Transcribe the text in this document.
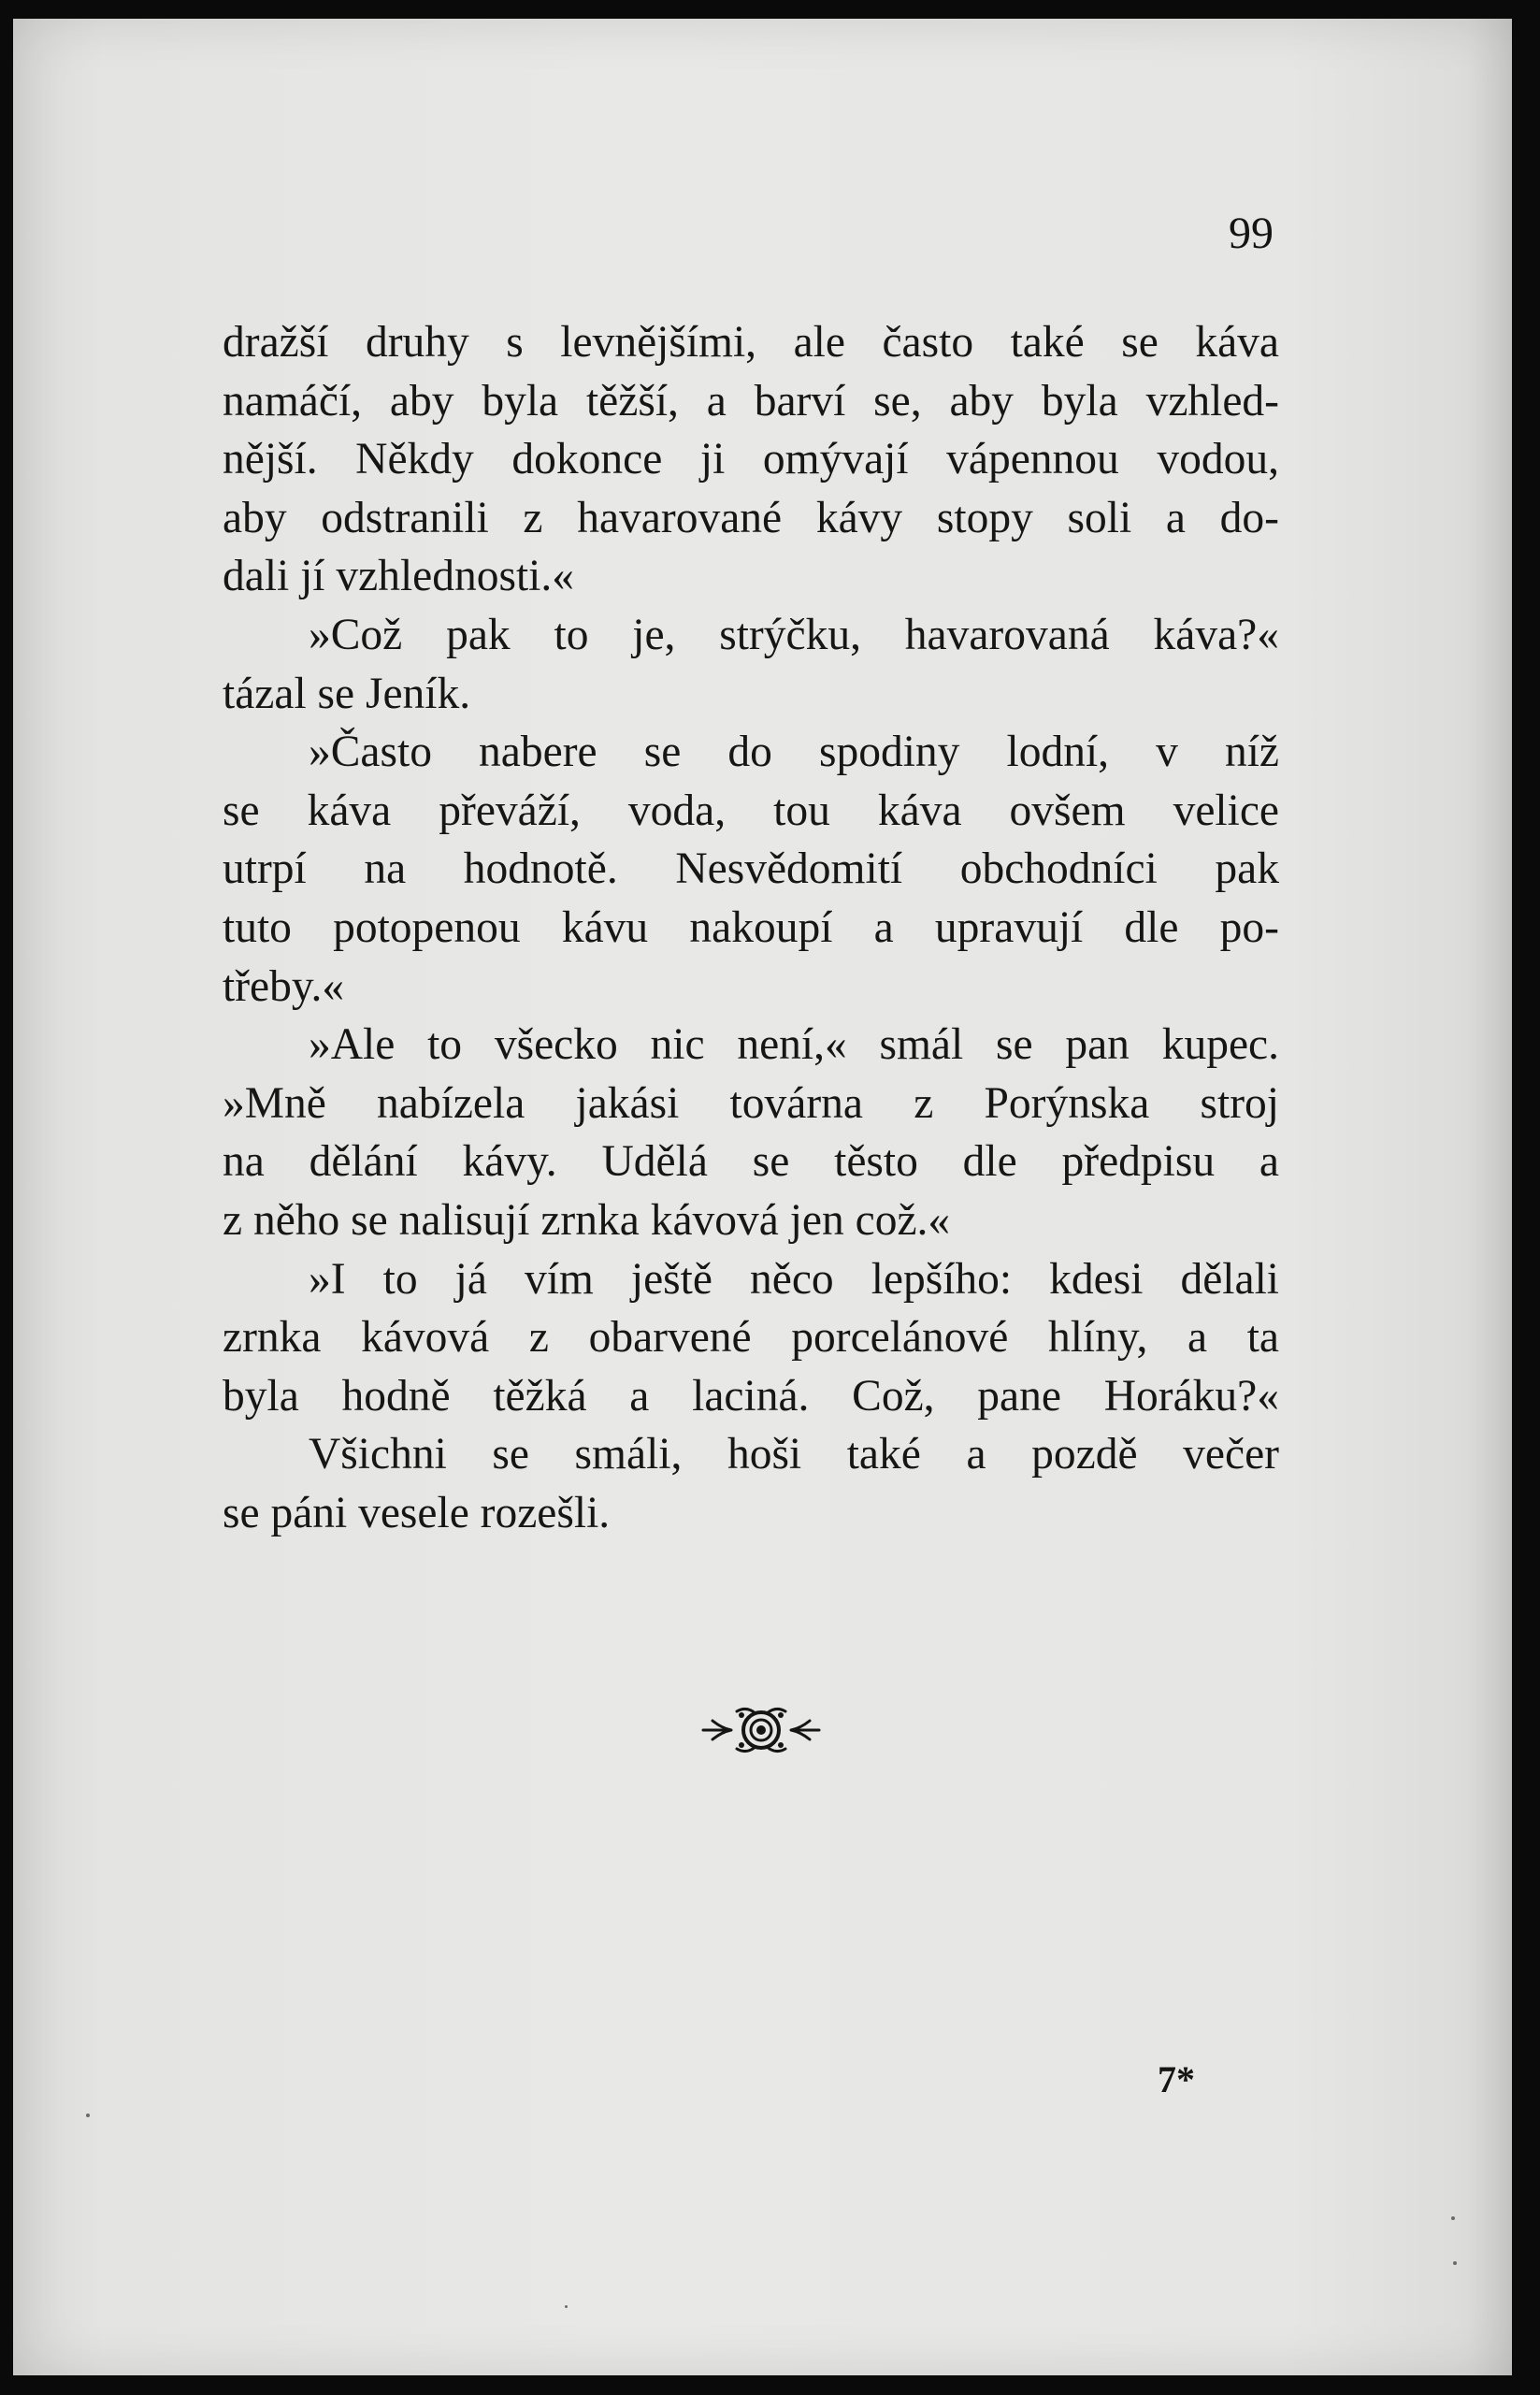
99
dražší druhy s levnějšími, ale často také se káva
namáčí, aby byla těžší, a barví se, aby byla vzhled-
nější. Někdy dokonce ji omývají vápennou vodou,
aby odstranili z havarované kávy stopy soli a do-
dali jí vzhlednosti.«
»Což pak to je, strýčku, havarovaná káva?«
tázal se Jeník.
»Často nabere se do spodiny lodní, v níž
se káva převáží, voda, tou káva ovšem velice
utrpí na hodnotě. Nesvědomití obchodníci pak
tuto potopenou kávu nakoupí a upravují dle po-
třeby.«
»Ale to všecko nic není,« smál se pan kupec.
»Mně nabízela jakási továrna z Porýnska stroj
na dělání kávy. Udělá se těsto dle předpisu a
z něho se nalisují zrnka kávová jen což.«
»I to já vím ještě něco lepšího: kdesi dělali
zrnka kávová z obarvené porcelánové hlíny, a ta
byla hodně těžká a laciná. Což, pane Horáku?«
Všichni se smáli, hoši také a pozdě večer
se páni vesele rozešli.
7*
